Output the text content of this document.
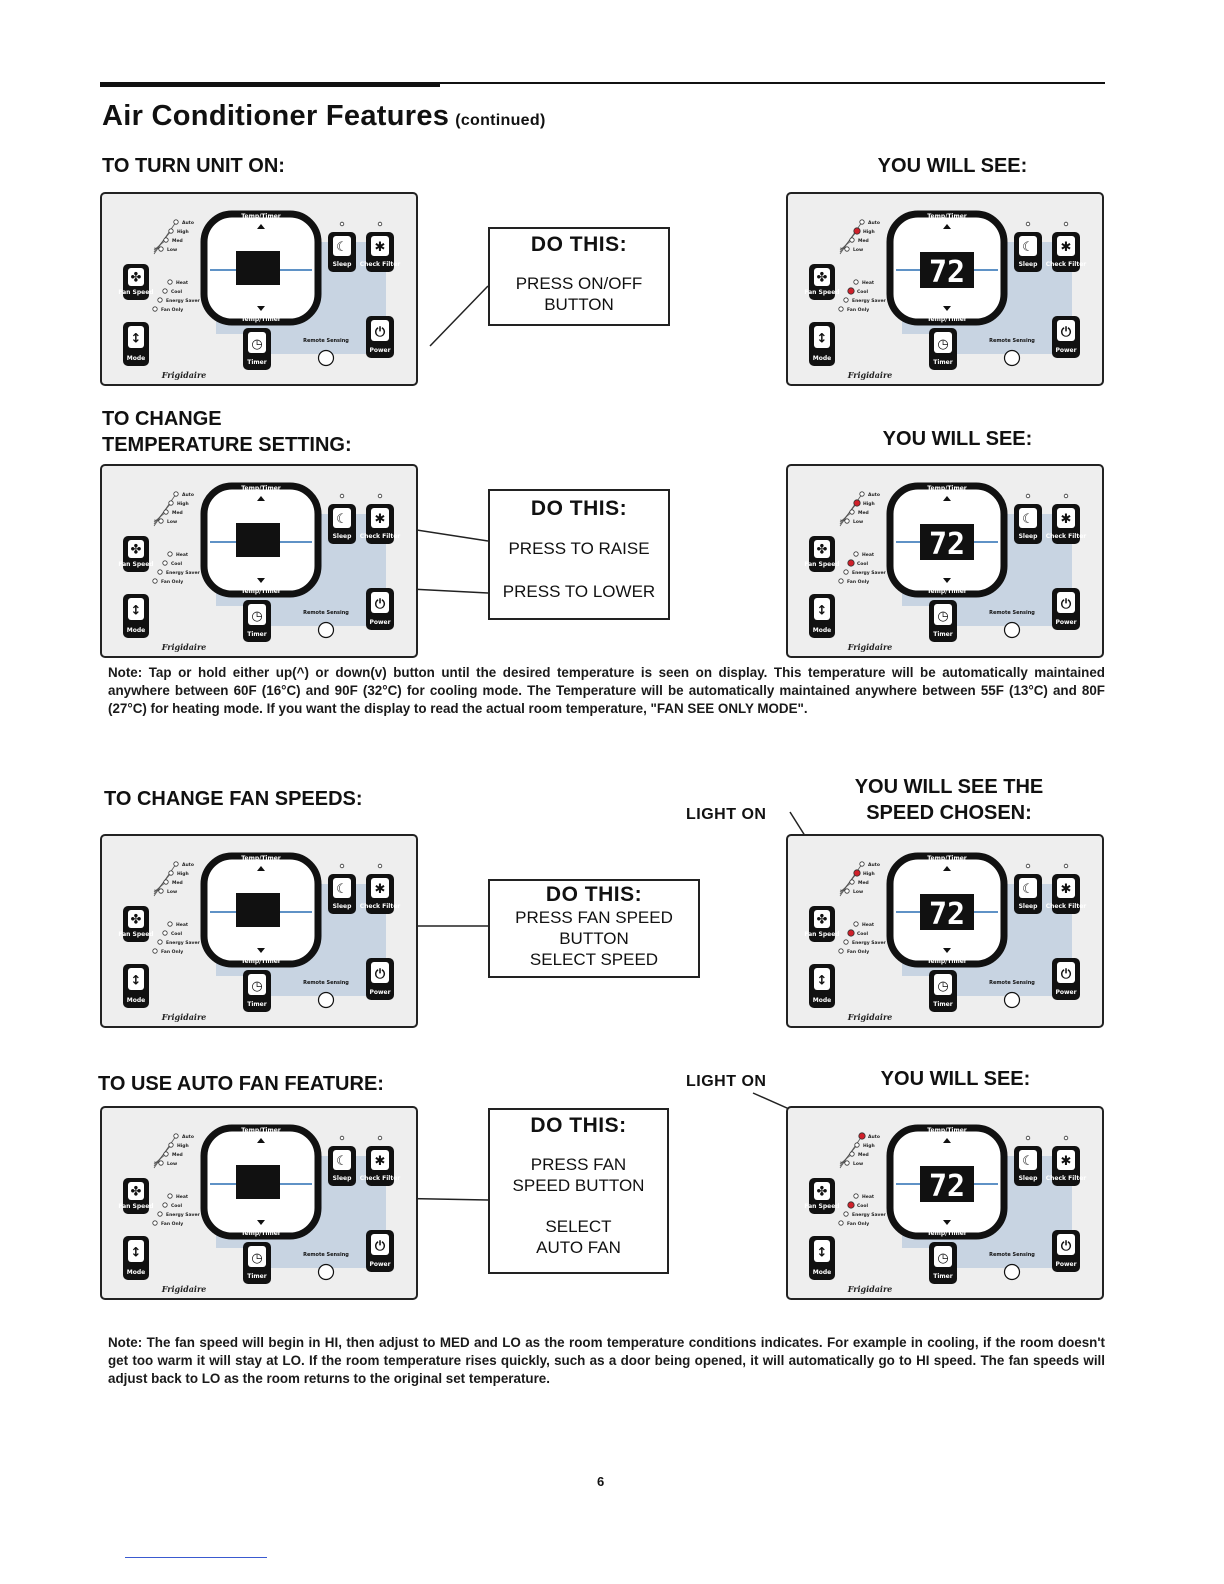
Air Conditioner Features (continued)
TO TURN UNIT ON:	YOU WILL SEE:
Auto
High
Med
Low
Heat
Cool
Energy Saver
Fan Only
✤
Fan Speed
↕
Mode
Temp/Timer
Temp/Timer
☾
Sleep
✱
Check Filter
⏻
Power
◷
Timer
Remote Sensing
Frigidaire
Auto
High
Med
Low
Heat
Cool
Energy Saver
Fan Only
✤
Fan Speed
↕
Mode
Temp/Timer
Temp/Timer
72
☾
Sleep
✱
Check Filter
⏻
Power
◷
Timer
Remote Sensing
Frigidaire
DO THIS:
PRESS ON/OFF
BUTTON
TO CHANGE
TEMPERATURE SETTING:	YOU WILL SEE:
Auto
High
Med
Low
Heat
Cool
Energy Saver
Fan Only
✤
Fan Speed
↕
Mode
Temp/Timer
Temp/Timer
☾
Sleep
✱
Check Filter
⏻
Power
◷
Timer
Remote Sensing
Frigidaire
Auto
High
Med
Low
Heat
Cool
Energy Saver
Fan Only
✤
Fan Speed
↕
Mode
Temp/Timer
Temp/Timer
72
☾
Sleep
✱
Check Filter
⏻
Power
◷
Timer
Remote Sensing
Frigidaire
DO THIS:
PRESS TO RAISE
PRESS TO LOWER
Note: Tap or hold either up(^) or down(v) button until the desired temperature is seen on display. This temperature will be automatically maintained anywhere between 60F (16°C) and 90F (32°C) for cooling mode. The Temperature will be automatically maintained anywhere between 55F (13°C) and 80F (27°C) for heating mode. If you want the display to read the actual room temperature, "FAN SEE ONLY MODE".
TO CHANGE FAN SPEEDS:
LIGHT ON
YOU WILL SEE THE
SPEED CHOSEN:
Auto
High
Med
Low
Heat
Cool
Energy Saver
Fan Only
✤
Fan Speed
↕
Mode
Temp/Timer
Temp/Timer
☾
Sleep
✱
Check Filter
⏻
Power
◷
Timer
Remote Sensing
Frigidaire
Auto
High
Med
Low
Heat
Cool
Energy Saver
Fan Only
✤
Fan Speed
↕
Mode
Temp/Timer
Temp/Timer
72
☾
Sleep
✱
Check Filter
⏻
Power
◷
Timer
Remote Sensing
Frigidaire
DO THIS:
PRESS FAN SPEED
BUTTON
SELECT SPEED
TO USE AUTO FAN FEATURE:	LIGHT ON	YOU WILL SEE:
Auto
High
Med
Low
Heat
Cool
Energy Saver
Fan Only
✤
Fan Speed
↕
Mode
Temp/Timer
Temp/Timer
☾
Sleep
✱
Check Filter
⏻
Power
◷
Timer
Remote Sensing
Frigidaire
Auto
High
Med
Low
Heat
Cool
Energy Saver
Fan Only
✤
Fan Speed
↕
Mode
Temp/Timer
Temp/Timer
72
☾
Sleep
✱
Check Filter
⏻
Power
◷
Timer
Remote Sensing
Frigidaire
DO THIS:
PRESS FAN
SPEED BUTTON
SELECT
AUTO FAN
Note: The fan speed will begin in HI, then adjust to MED and LO as the room temperature conditions indicates. For example in cooling, if the room doesn't get too warm it will stay at LO. If the room temperature rises quickly, such as a door being opened, it will automatically go to HI speed. The fan speeds will adjust back to LO as the room returns to the original set temperature.
6
